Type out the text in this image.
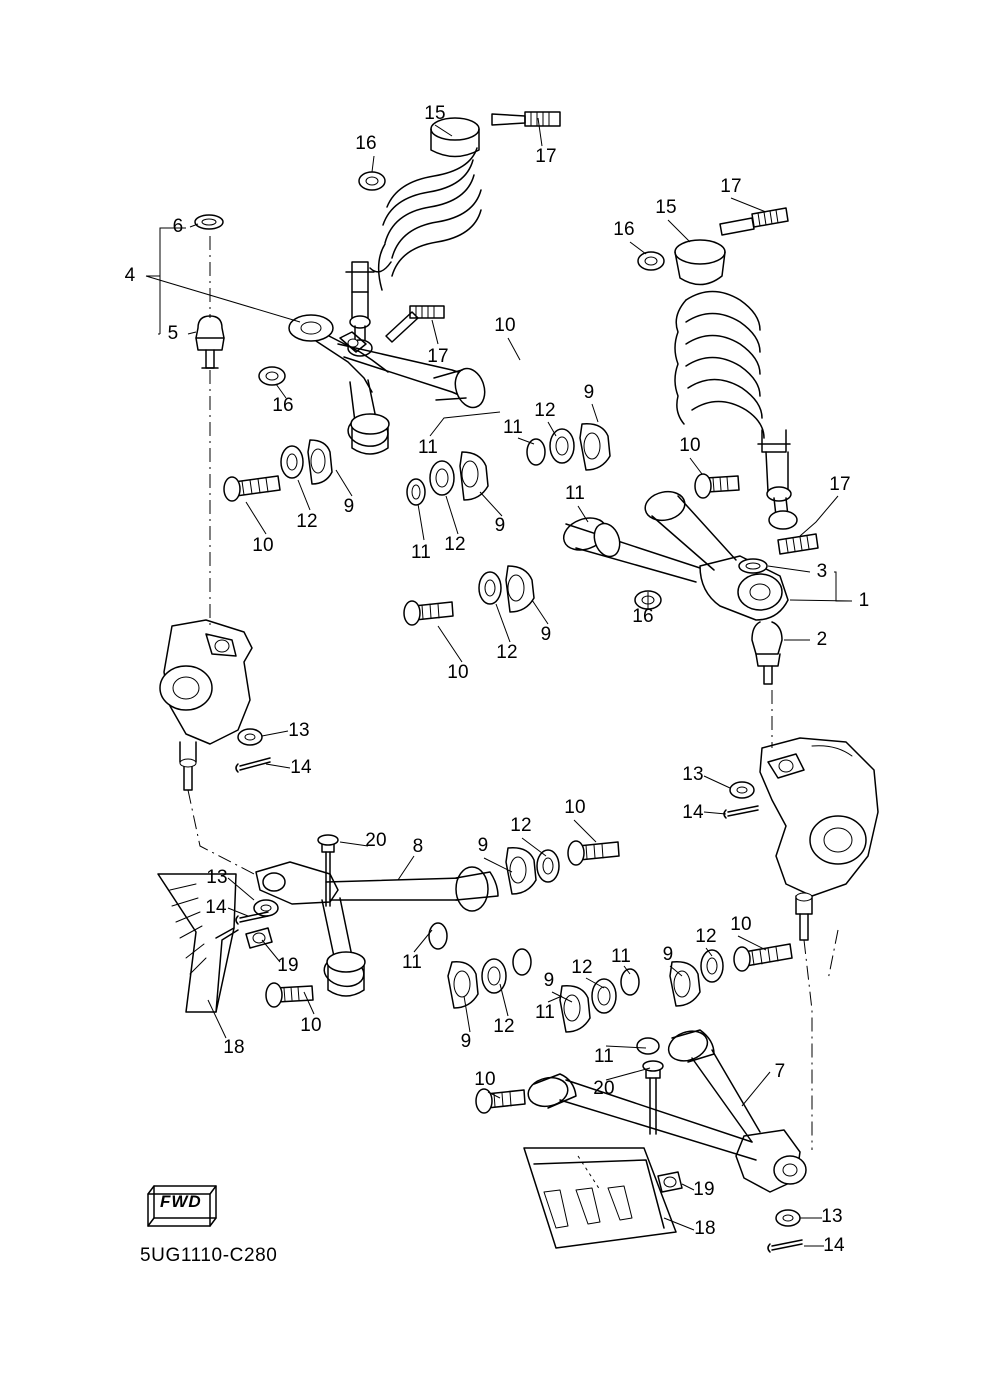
15
16
17
17
15
16
6
4
5
16
17
10
9
12
11
11	10
17
11
9
12
10	11 12
9
3
1
2
16
9
12
10
13
14	13
14
10
20 8
12
9
13
14
10
12
9
11
12
9
11
19
11
12
9
10
18	11
7
20
10
19
18
13
14
FWD
5UG1110-C280
